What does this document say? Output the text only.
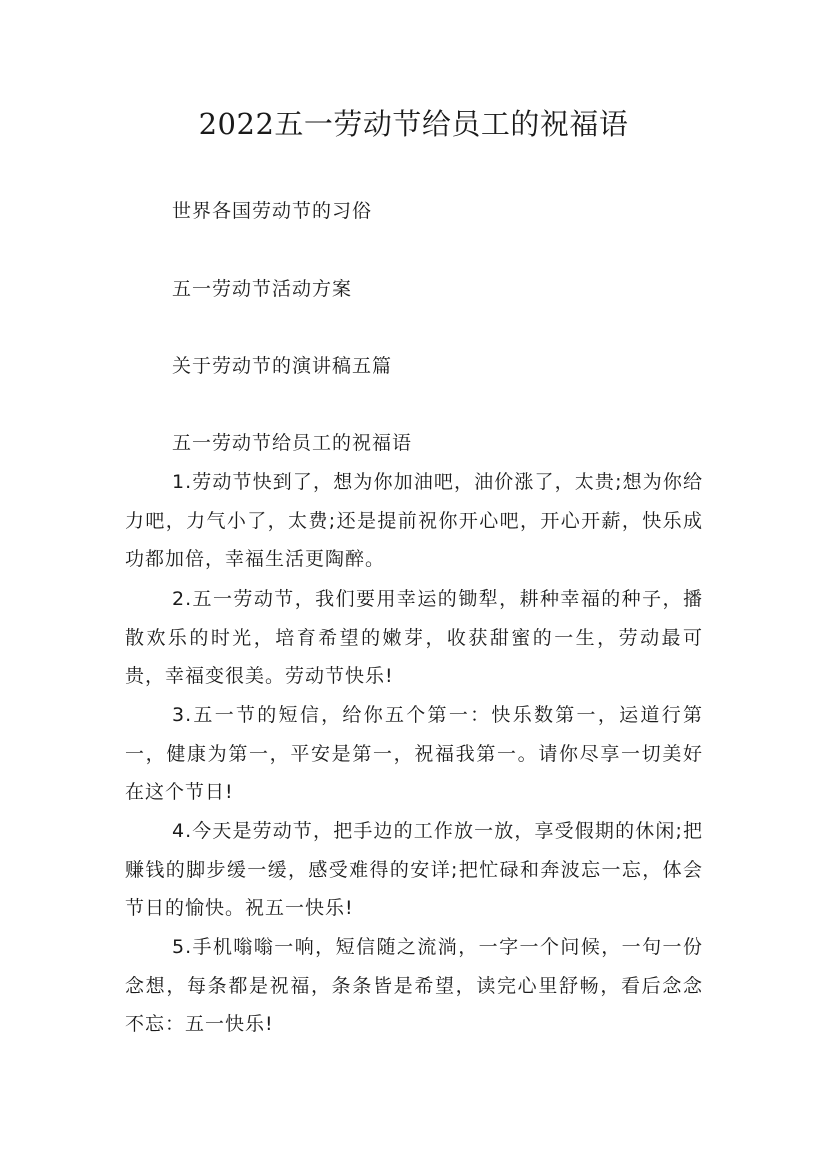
2022五一劳动节给员工的祝福语
世界各国劳动节的习俗
五一劳动节活动方案
关于劳动节的演讲稿五篇
五一劳动节给员工的祝福语

1.劳动节快到了，想为你加油吧，油价涨了，太贵;想为你给力吧，力气小了，太费;还是提前祝你开心吧，开心开薪，快乐成功都加倍，幸福生活更陶醉。

2.五一劳动节，我们要用幸运的锄犁，耕种幸福的种子，播散欢乐的时光，培育希望的嫩芽，收获甜蜜的一生，劳动最可贵，幸福变很美。劳动节快乐!

3.五一节的短信，给你五个第一：快乐数第一，运道行第一，健康为第一，平安是第一，祝福我第一。请你尽享一切美好在这个节日!

4.今天是劳动节，把手边的工作放一放，享受假期的休闲;把赚钱的脚步缓一缓，感受难得的安详;把忙碌和奔波忘一忘，体会节日的愉快。祝五一快乐!

5.手机嗡嗡一响，短信随之流淌，一字一个问候，一句一份念想，每条都是祝福，条条皆是希望，读完心里舒畅，看后念念不忘：五一快乐!
